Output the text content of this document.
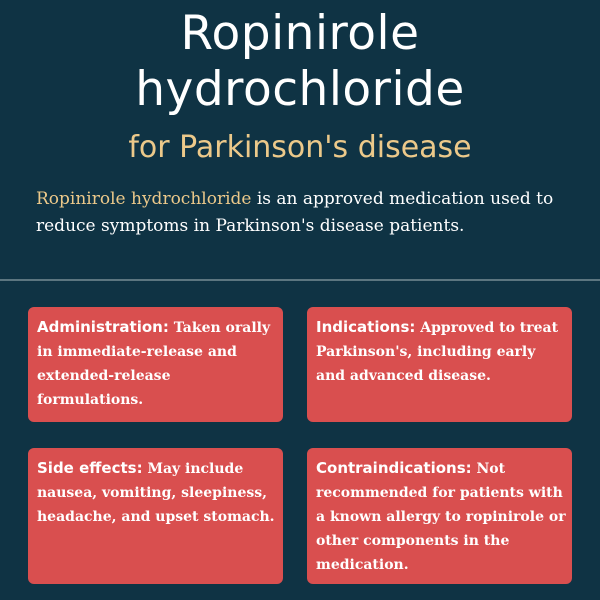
Ropinirole
hydrochloride
for Parkinson's disease
Ropinirole hydrochloride is an approved medication used to reduce symptoms in Parkinson's disease patients.
Administration: Taken orally in immediate-release and extended-release formulations.
Indications: Approved to treat Parkinson's, including early and advanced disease.
Side effects: May include nausea, vomiting, sleepiness, headache, and upset stomach.
Contraindications: Not recommended for patients with a known allergy to ropinirole or other components in the medication.
